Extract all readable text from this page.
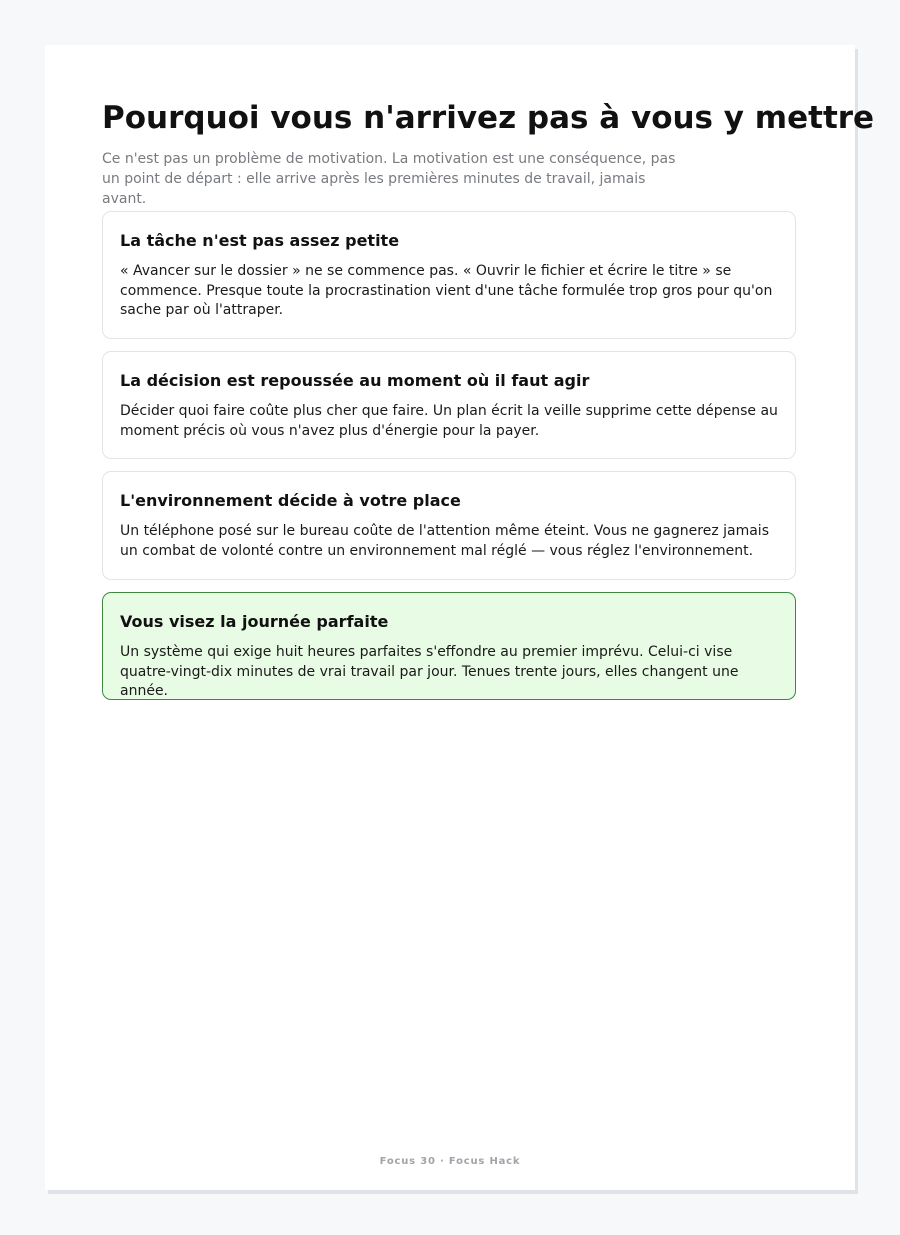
Pourquoi vous n'arrivez pas à vous y mettre

Ce n'est pas un problème de motivation. La motivation est une conséquence, pas un point de départ : elle arrive après les premières minutes de travail, jamais avant.

La tâche n'est pas assez petite

« Avancer sur le dossier » ne se commence pas. « Ouvrir le fichier et écrire le titre » se commence. Presque toute la procrastination vient d'une tâche formulée trop gros pour qu'on sache par où l'attraper.

La décision est repoussée au moment où il faut agir

Décider quoi faire coûte plus cher que faire. Un plan écrit la veille supprime cette dépense au moment précis où vous n'avez plus d'énergie pour la payer.

L'environnement décide à votre place

Un téléphone posé sur le bureau coûte de l'attention même éteint. Vous ne gagnerez jamais un combat de volonté contre un environnement mal réglé — vous réglez l'environnement.

Vous visez la journée parfaite

Un système qui exige huit heures parfaites s'effondre au premier imprévu. Celui-ci vise quatre-vingt-dix minutes de vrai travail par jour. Tenues trente jours, elles changent une année.

Focus 30 · Focus Hack
